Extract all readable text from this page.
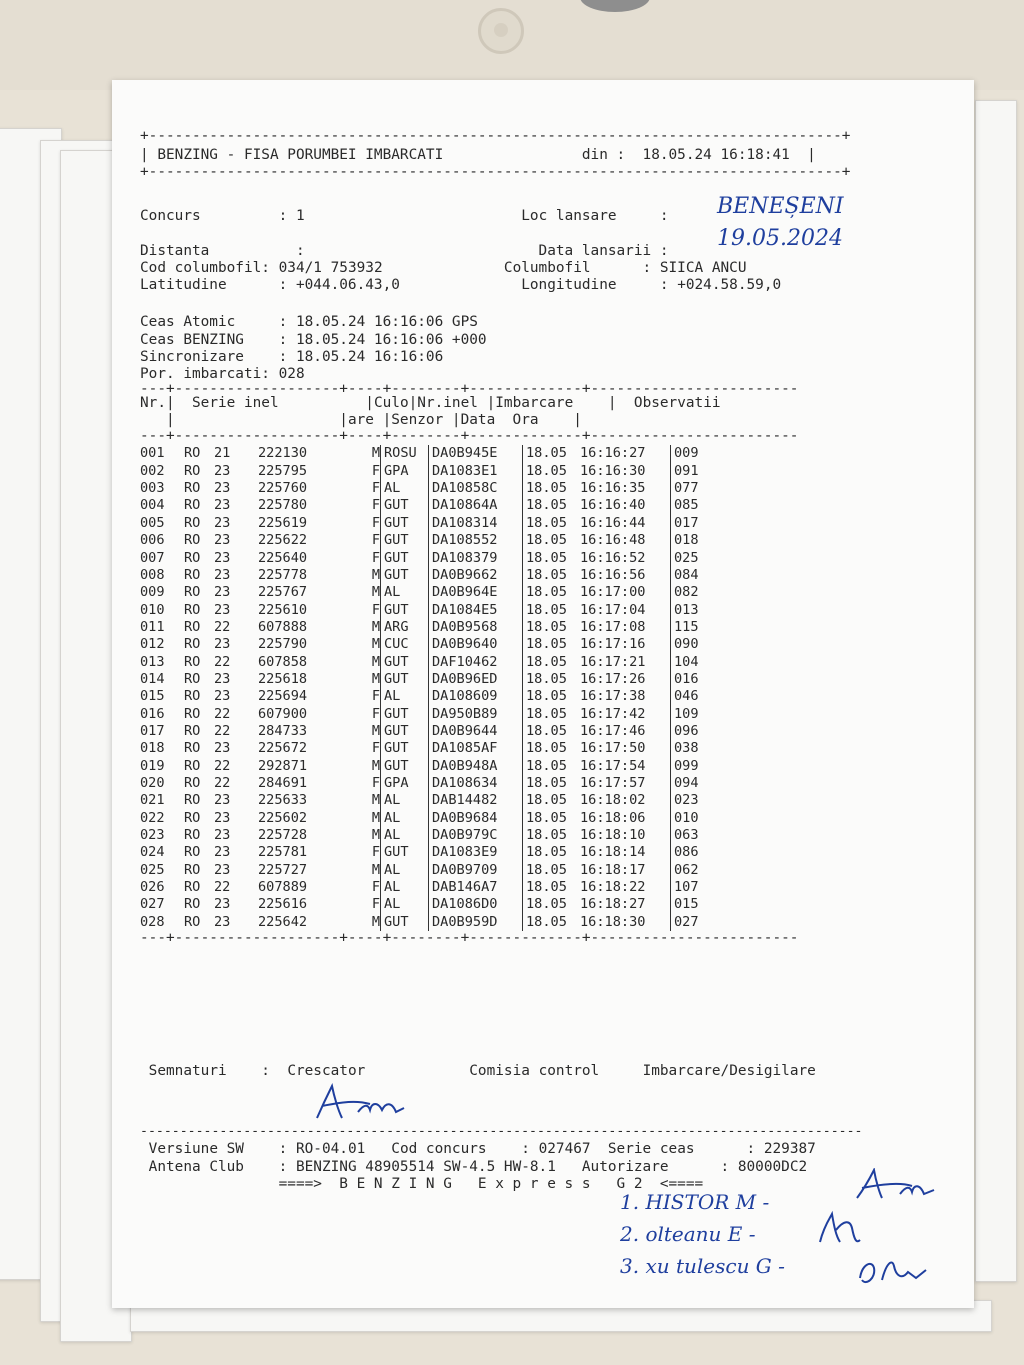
+--------------------------------------------------------------------------------+
| BENZING - FISA PORUMBEI IMBARCATI	din :  18.05.24 16:18:41  |
+--------------------------------------------------------------------------------+
Concurs         : 1	Loc lansare     :
Distanta          :                           Data lansarii :
Cod columbofil: 034/1 753932	Columbofil      : SIICA ANCU
Latitudine      : +044.06.43,0	Longitudine     : +024.58.59,0
Ceas Atomic     : 18.05.24 16:16:06 GPS
Ceas BENZING    : 18.05.24 16:16:06 +000
Sincronizare    : 18.05.24 16:16:06
Por. imbarcati: 028
---+-------------------+----+--------+-------------+------------------------
Nr.|  Serie inel          |Culo|Nr.inel |Imbarcare    |  Observatii
|                   |are |Senzor |Data  Ora    |
---+-------------------+----+--------+-------------+------------------------
001	RO	21	222130	M ROSU	DA0B945E	18.05 16:16:27	009
002	RO	23	225795	F GPA	DA1083E1	18.05 16:16:30	091
003	RO	23	225760	F AL	DA10858C	18.05 16:16:35	077
004	RO	23	225780	F GUT	DA10864A	18.05 16:16:40	085
005	RO	23	225619	F GUT	DA108314	18.05 16:16:44	017
006	RO	23	225622	F GUT	DA108552	18.05 16:16:48	018
007	RO	23	225640	F GUT	DA108379	18.05 16:16:52	025
008	RO	23	225778	M GUT	DA0B9662	18.05 16:16:56	084
009	RO	23	225767	M AL	DA0B964E	18.05 16:17:00	082
010	RO	23	225610	F GUT	DA1084E5	18.05 16:17:04	013
011	RO	22	607888	M ARG	DA0B9568	18.05 16:17:08	115
012	RO	23	225790	M CUC	DA0B9640	18.05 16:17:16	090
013	RO	22	607858	M GUT	DAF10462	18.05 16:17:21	104
014	RO	23	225618	M GUT	DA0B96ED	18.05 16:17:26	016
015	RO	23	225694	F AL	DA108609	18.05 16:17:38	046
016	RO	22	607900	F GUT	DA950B89	18.05 16:17:42	109
017	RO	22	284733	M GUT	DA0B9644	18.05 16:17:46	096
018	RO	23	225672	F GUT	DA1085AF	18.05 16:17:50	038
019	RO	22	292871	M GUT	DA0B948A	18.05 16:17:54	099
020	RO	22	284691	F GPA	DA108634	18.05 16:17:57	094
021	RO	23	225633	M AL	DAB14482	18.05 16:18:02	023
022	RO	23	225602	M AL	DA0B9684	18.05 16:18:06	010
023	RO	23	225728	M AL	DA0B979C	18.05 16:18:10	063
024	RO	23	225781	F GUT	DA1083E9	18.05 16:18:14	086
025	RO	23	225727	M AL	DA0B9709	18.05 16:18:17	062
026	RO	22	607889	F AL	DAB146A7	18.05 16:18:22	107
027	RO	23	225616	F AL	DA1086D0	18.05 16:18:27	015
028	RO	23	225642	M GUT	DA0B959D	18.05 16:18:30	027
---+-------------------+----+--------+-------------+------------------------
Semnaturi    :  Crescator	Comisia control	Imbarcare/Desigilare
-------------------------------------------------------------------------------------------
Versiune SW    : RO-04.01 Cod concurs    : 027467 Serie ceas      : 229387
Antena Club    : BENZING 48905514 SW-4.5 HW-8.1 Autorizare      : 80000DC2
====>  B E N Z I N G   E x p r e s s   G 2  <====
BENEȘENI
19.05.2024
1. HISTOR M -
2. olteanu E -
3. xu tulescu G -
